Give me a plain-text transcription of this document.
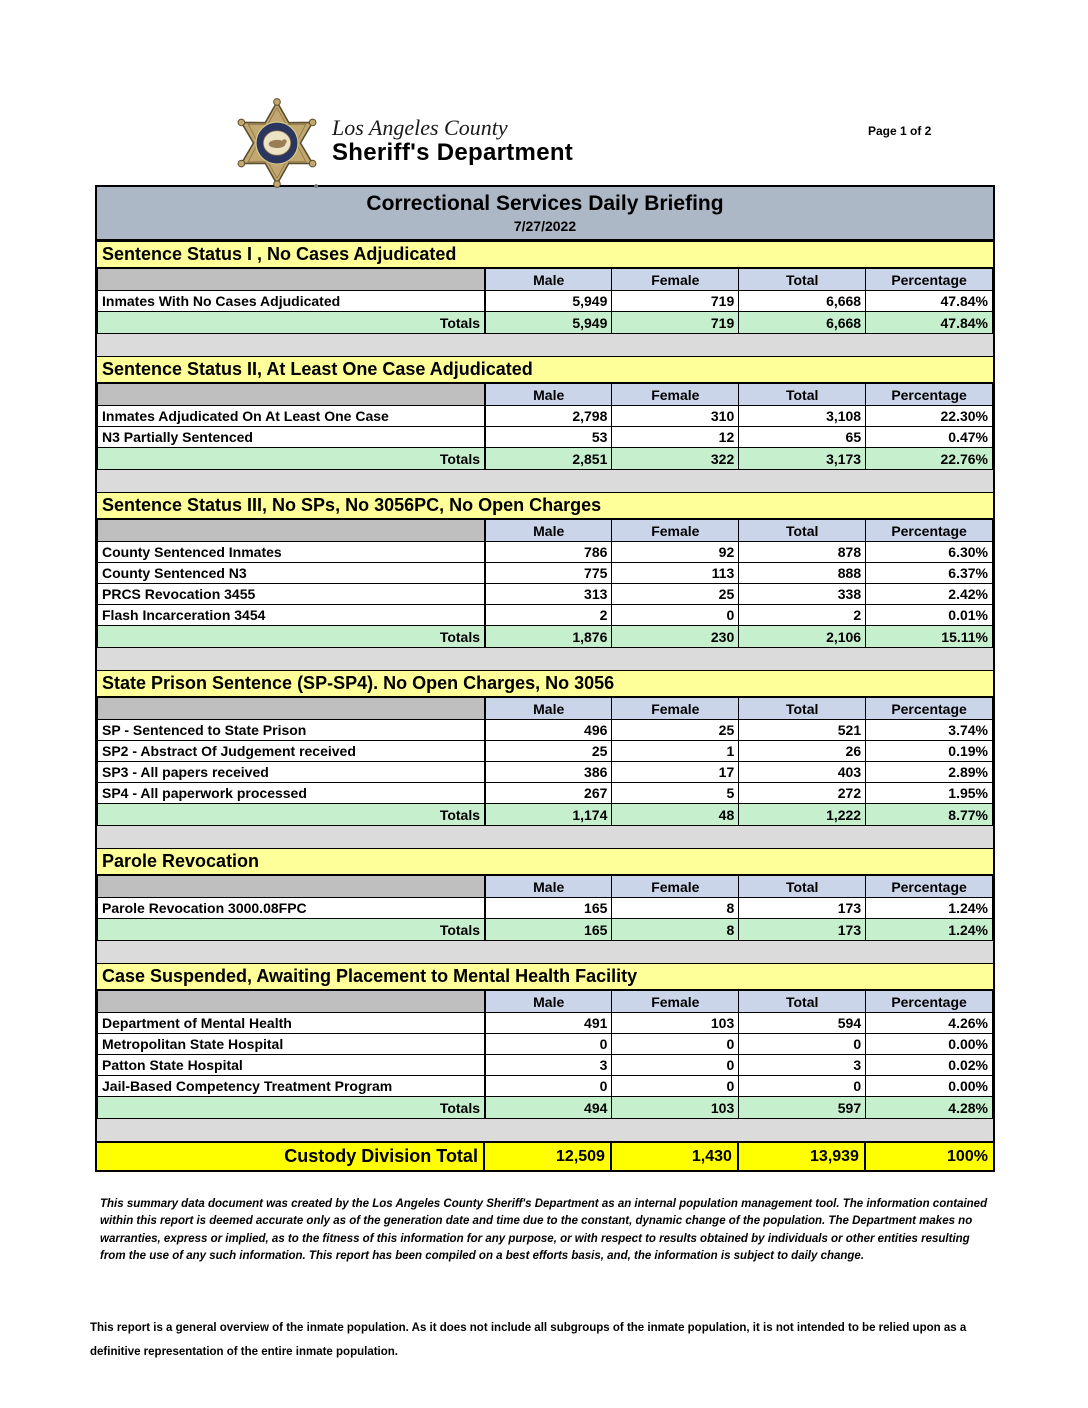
Los Angeles County
Sheriff's Department
Page 1 of 2
Correctional Services Daily Briefing
7/27/2022
Sentence Status I , No Cases Adjudicated
	Male	Female	Total	Percentage
Inmates With No Cases Adjudicated	5,949	719	6,668	47.84%
Totals	5,949	719	6,668	47.84%
Sentence Status II, At Least One Case Adjudicated
	Male	Female	Total	Percentage
Inmates Adjudicated On At Least One Case	2,798	310	3,108	22.30%
N3 Partially Sentenced	53	12	65	0.47%
Totals	2,851	322	3,173	22.76%
Sentence Status III, No SPs, No 3056PC, No Open Charges
	Male	Female	Total	Percentage
County Sentenced Inmates	786	92	878	6.30%
County Sentenced N3	775	113	888	6.37%
PRCS Revocation 3455	313	25	338	2.42%
Flash Incarceration 3454	2	0	2	0.01%
Totals	1,876	230	2,106	15.11%
State Prison Sentence (SP-SP4). No Open Charges, No 3056
	Male	Female	Total	Percentage
SP - Sentenced to State Prison	496	25	521	3.74%
SP2 - Abstract Of Judgement received	25	1	26	0.19%
SP3 - All papers received	386	17	403	2.89%
SP4 - All paperwork processed	267	5	272	1.95%
Totals	1,174	48	1,222	8.77%
Parole Revocation
	Male	Female	Total	Percentage
Parole Revocation 3000.08FPC	165	8	173	1.24%
Totals	165	8	173	1.24%
Case Suspended, Awaiting Placement to Mental Health Facility
	Male	Female	Total	Percentage
Department of Mental Health	491	103	594	4.26%
Metropolitan State Hospital	0	0	0	0.00%
Patton State Hospital	3	0	3	0.02%
Jail-Based Competency Treatment Program	0	0	0	0.00%
Totals	494	103	597	4.28%
Custody Division Total	12,509	1,430	13,939	100%
This summary data document was created by the Los Angeles County Sheriff's Department as an internal population management tool. The information contained within this report is deemed accurate only as of the generation date and time due to the constant, dynamic change of the population. The Department makes no warranties, express or implied, as to the fitness of this information for any purpose, or with respect to results obtained by individuals or other entities resulting from the use of any such information. This report has been compiled on a best efforts basis, and, the information is subject to daily change.
This report is a general overview of the inmate population. As it does not include all subgroups of the inmate population, it is not intended to be relied upon as a definitive representation of the entire inmate population.
